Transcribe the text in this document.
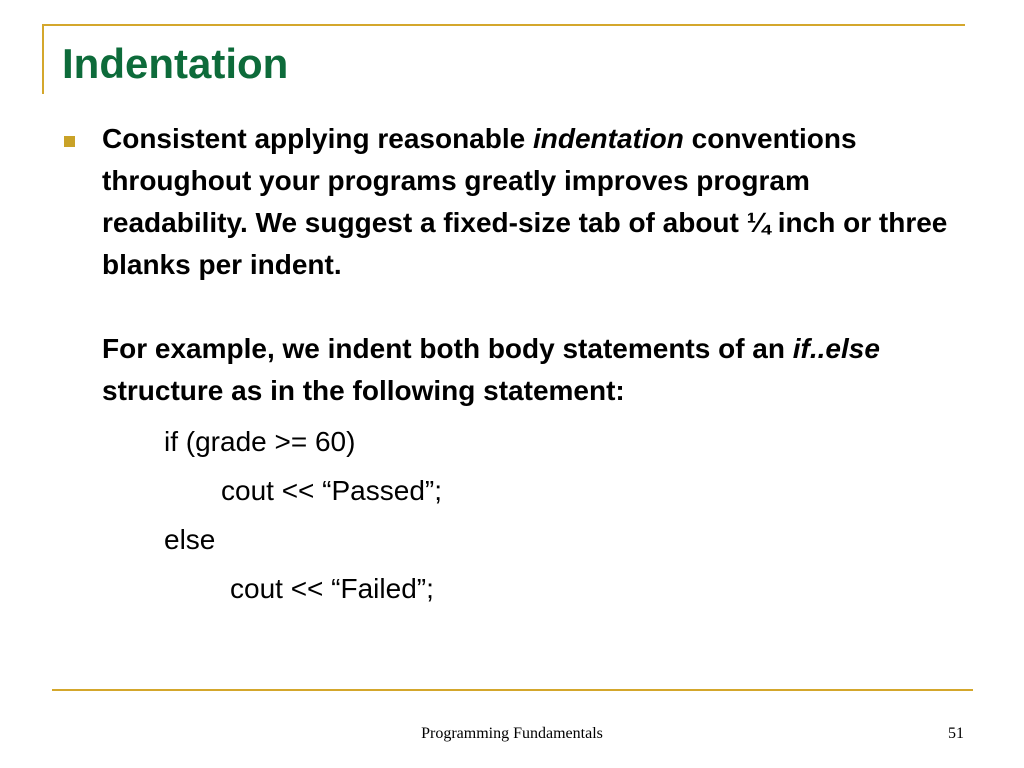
Indentation

Consistent applying reasonable indentation conventions throughout your programs greatly improves program readability. We suggest a fixed-size tab of about ¼ inch or three blanks per indent.

For example, we indent both body statements of an if..else structure as in the following statement:

if (grade >= 60)
cout << “Passed”;
else
cout << “Failed”;
Programming Fundamentals	51
